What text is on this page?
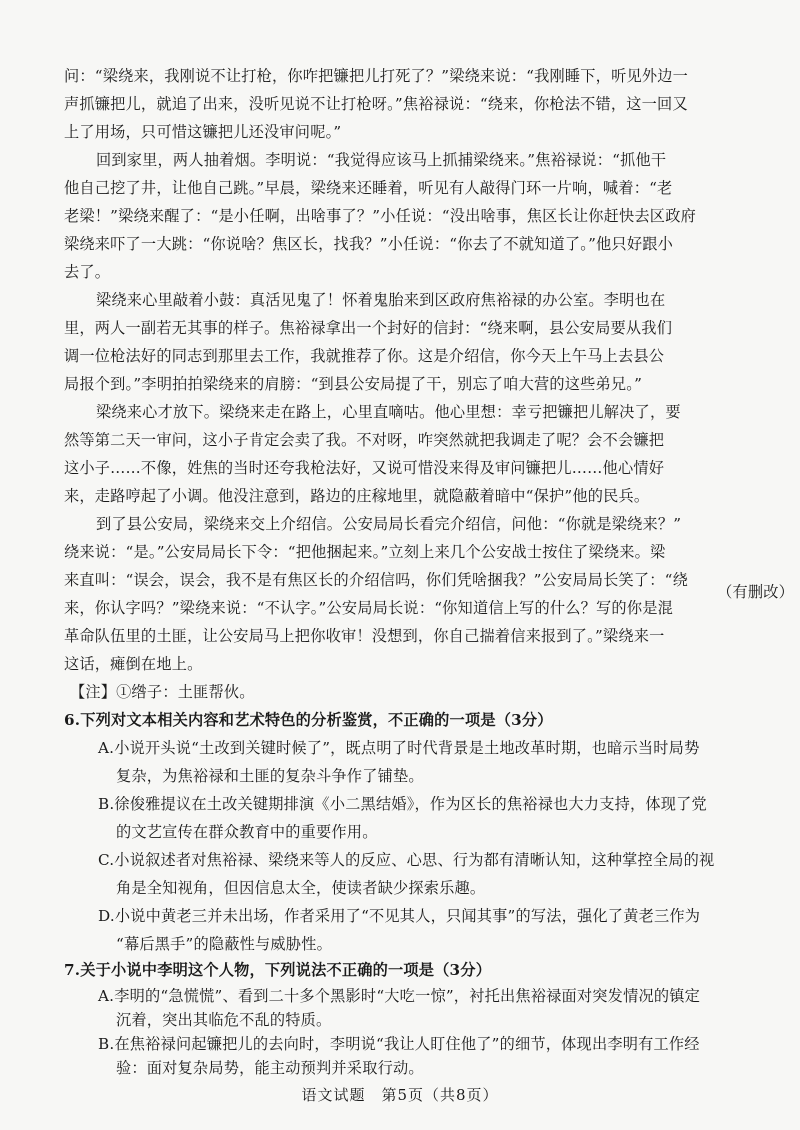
问：“梁绕来，我刚说不让打枪，你咋把镰把儿打死了？”梁绕来说：“我刚睡下，听见外边一
声抓镰把儿，就追了出来，没听见说不让打枪呀。”焦裕禄说：“绕来，你枪法不错，这一回又
上了用场，只可惜这镰把儿还没审问呢。”
回到家里，两人抽着烟。李明说：“我觉得应该马上抓捕梁绕来。”焦裕禄说：“抓他干
他自己挖了井，让他自己跳。”早晨，梁绕来还睡着，听见有人敲得门环一片响，喊着：“老
老梁！”梁绕来醒了：“是小任啊，出啥事了？”小任说：“没出啥事，焦区长让你赶快去区政府
梁绕来吓了一大跳：“你说啥？焦区长，找我？”小任说：“你去了不就知道了。”他只好跟小
去了。
梁绕来心里敲着小鼓：真活见鬼了！怀着鬼胎来到区政府焦裕禄的办公室。李明也在
里，两人一副若无其事的样子。焦裕禄拿出一个封好的信封：“绕来啊，县公安局要从我们
调一位枪法好的同志到那里去工作，我就推荐了你。这是介绍信，你今天上午马上去县公
局报个到。”李明拍拍梁绕来的肩膀：“到县公安局提了干，别忘了咱大营的这些弟兄。”
梁绕来心才放下。梁绕来走在路上，心里直嘀咕。他心里想：幸亏把镰把儿解决了，要
然等第二天一审问，这小子肯定会卖了我。不对呀，咋突然就把我调走了呢？会不会镰把
这小子……不像，姓焦的当时还夸我枪法好，又说可惜没来得及审问镰把儿……他心情好
来，走路哼起了小调。他没注意到，路边的庄稼地里，就隐蔽着暗中“保护”他的民兵。
到了县公安局，梁绕来交上介绍信。公安局局长看完介绍信，问他：“你就是梁绕来？”
绕来说：“是。”公安局局长下令：“把他捆起来。”立刻上来几个公安战士按住了梁绕来。梁
来直叫：“误会，误会，我不是有焦区长的介绍信吗，你们凭啥捆我？”公安局局长笑了：“绕
来，你认字吗？”梁绕来说：“不认字。”公安局局长说：“你知道信上写的什么？写的你是混
革命队伍里的土匪，让公安局马上把你收审！没想到，你自己揣着信来报到了。”梁绕来一
这话，瘫倒在地上。
（有删改）
【注】①绺子：土匪帮伙。
6.下列对文本相关内容和艺术特色的分析鉴赏，不正确的一项是（3分）
A.小说开头说“土改到关键时候了”，既点明了时代背景是土地改革时期，也暗示当时局势
复杂，为焦裕禄和土匪的复杂斗争作了铺垫。
B.徐俊雅提议在土改关键期排演《小二黑结婚》，作为区长的焦裕禄也大力支持，体现了党
的文艺宣传在群众教育中的重要作用。
C.小说叙述者对焦裕禄、梁绕来等人的反应、心思、行为都有清晰认知，这种掌控全局的视
角是全知视角，但因信息太全，使读者缺少探索乐趣。
D.小说中黄老三并未出场，作者采用了“不见其人，只闻其事”的写法，强化了黄老三作为
“幕后黑手”的隐蔽性与威胁性。
7.关于小说中李明这个人物，下列说法不正确的一项是（3分）
A.李明的“急慌慌”、看到二十多个黑影时“大吃一惊”，衬托出焦裕禄面对突发情况的镇定
沉着，突出其临危不乱的特质。
B.在焦裕禄问起镰把儿的去向时，李明说“我让人盯住他了”的细节，体现出李明有工作经
验：面对复杂局势，能主动预判并采取行动。
语文试题　第5页（共8页）
